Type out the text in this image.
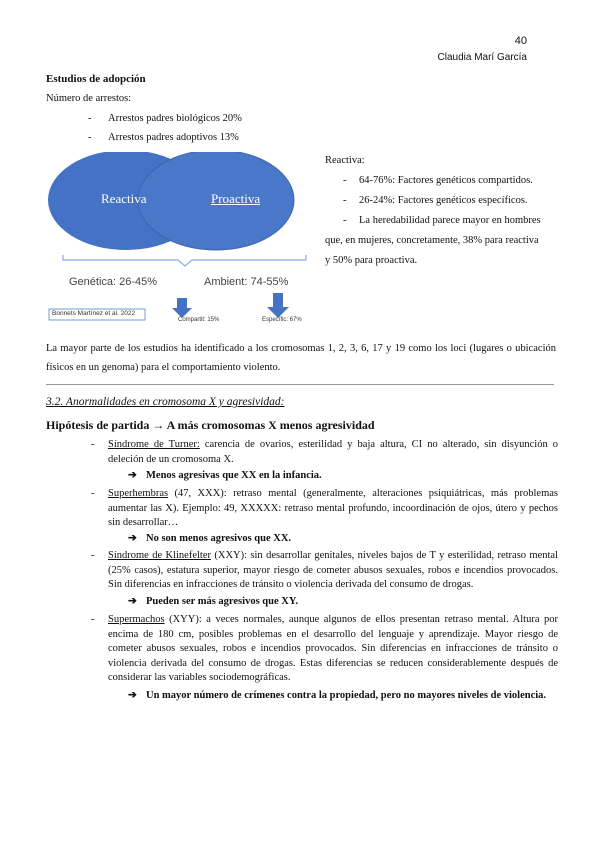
40
Claudia Marí García
Estudios de adopción
Número de arrestos:
- Arrestos padres biológicos 20%
- Arrestos padres adoptivos 13%
Reactiva	Proactiva
Genética: 26-45%	Ambient: 74-55%
Bonnets Martínez et al. 2022
Compartit: 15%	Específic: 67%
Reactiva:
- 64-76%: Factores genéticos compartidos.
- 26-24%: Factores genéticos específicos.
- La heredabilidad parece mayor en hombres
que, en mujeres, concretamente, 38% para reactiva
y 50% para proactiva.
La mayor parte de los estudios ha identificado a los cromosomas 1, 2, 3, 6, 17 y 19 como los loci (lugares o ubicación físicos en un genoma) para el comportamiento violento.
3.2. Anormalidades en cromosoma X y agresividad:
Hipótesis de partida → A más cromosomas X menos agresividad
- Síndrome de Turner: carencia de ovarios, esterilidad y baja altura, CI no alterado, sin disyunción o deleción de un cromosoma X.
➔ Menos agresivas que XX en la infancia.
- Superhembras (47, XXX): retraso mental (generalmente, alteraciones psiquiátricas, más problemas aumentar las X). Ejemplo: 49, XXXXX: retraso mental profundo, incoordinación de ojos, útero y pechos sin desarrollar…
➔ No son menos agresivos que XX.
- Síndrome de Klinefelter (XXY): sin desarrollar genitales, niveles bajos de T y esterilidad, retraso mental (25% casos), estatura superior, mayor riesgo de cometer abusos sexuales, robos e incendios provocados. Sin diferencias en infracciones de tránsito o violencia derivada del consumo de drogas.
➔ Pueden ser más agresivos que XY.
- Supermachos (XYY): a veces normales, aunque algunos de ellos presentan retraso mental. Altura por encima de 180 cm, posibles problemas en el desarrollo del lenguaje y aprendizaje. Mayor riesgo de cometer abusos sexuales, robos e incendios provocados. Sin diferencias en infracciones de tránsito o violencia derivada del consumo de drogas. Estas diferencias se reducen considerablemente después de considerar las variables sociodemográficas.
➔ Un mayor número de crímenes contra la propiedad, pero no mayores niveles de violencia.
